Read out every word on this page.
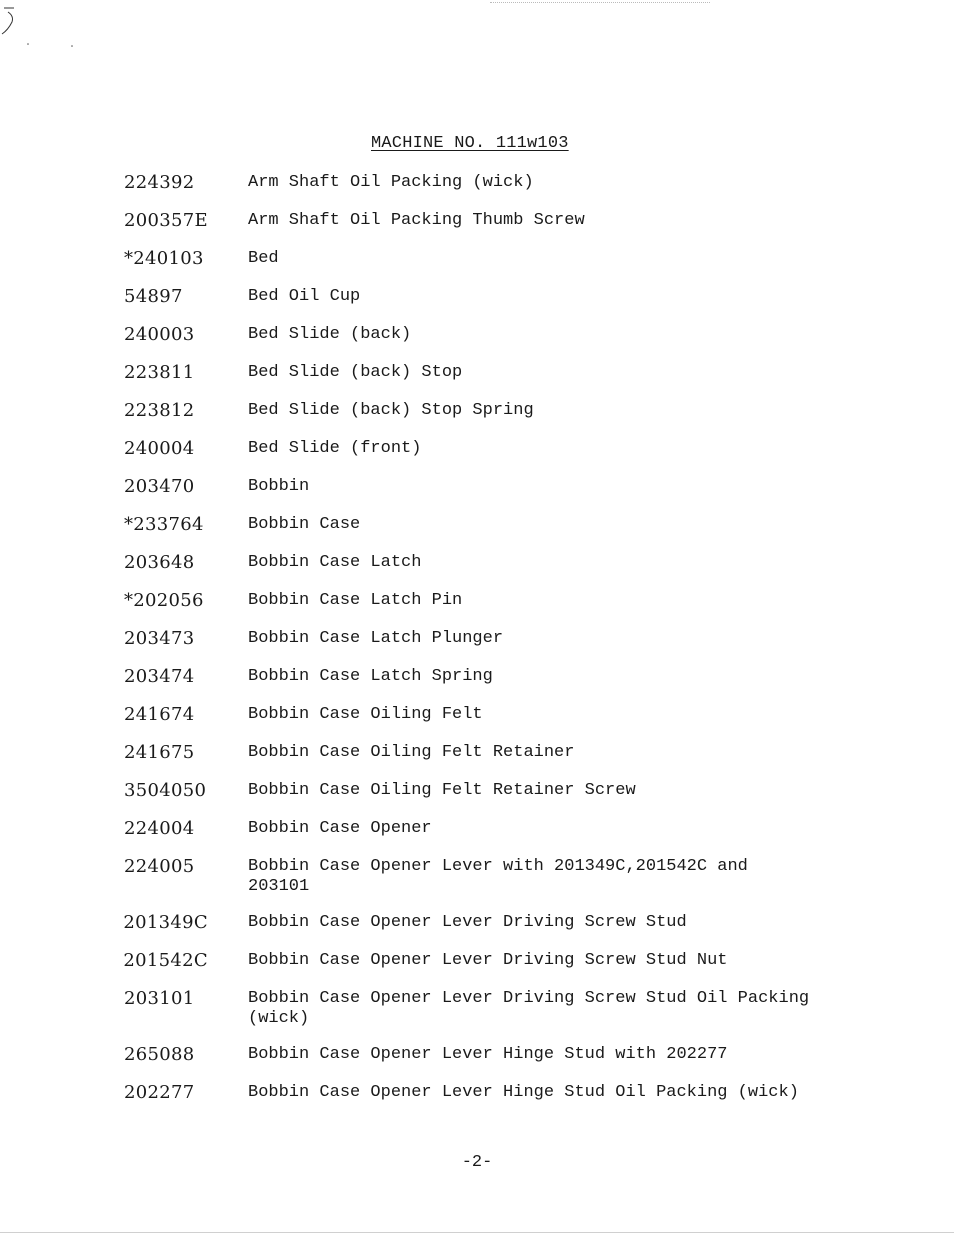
MACHINE NO. 111w103
224392	Arm Shaft Oil Packing (wick)
200357E Arm Shaft Oil Packing Thumb Screw
*240103	Bed
54897	Bed Oil Cup
240003	Bed Slide (back)
223811	Bed Slide (back) Stop
223812	Bed Slide (back) Stop Spring
240004	Bed Slide (front)
203470	Bobbin
*233764	Bobbin Case
203648	Bobbin Case Latch
*202056	Bobbin Case Latch Pin
203473	Bobbin Case Latch Plunger
203474	Bobbin Case Latch Spring
241674	Bobbin Case Oiling Felt
241675	Bobbin Case Oiling Felt Retainer
3504050 Bobbin Case Oiling Felt Retainer Screw
224004	Bobbin Case Opener
224005	Bobbin Case Opener Lever with 201349C,201542C and
203101
201349C Bobbin Case Opener Lever Driving Screw Stud
201542C Bobbin Case Opener Lever Driving Screw Stud Nut
203101	Bobbin Case Opener Lever Driving Screw Stud Oil Packing
(wick)
265088	Bobbin Case Opener Lever Hinge Stud with 202277
202277	Bobbin Case Opener Lever Hinge Stud Oil Packing (wick)
-2-
